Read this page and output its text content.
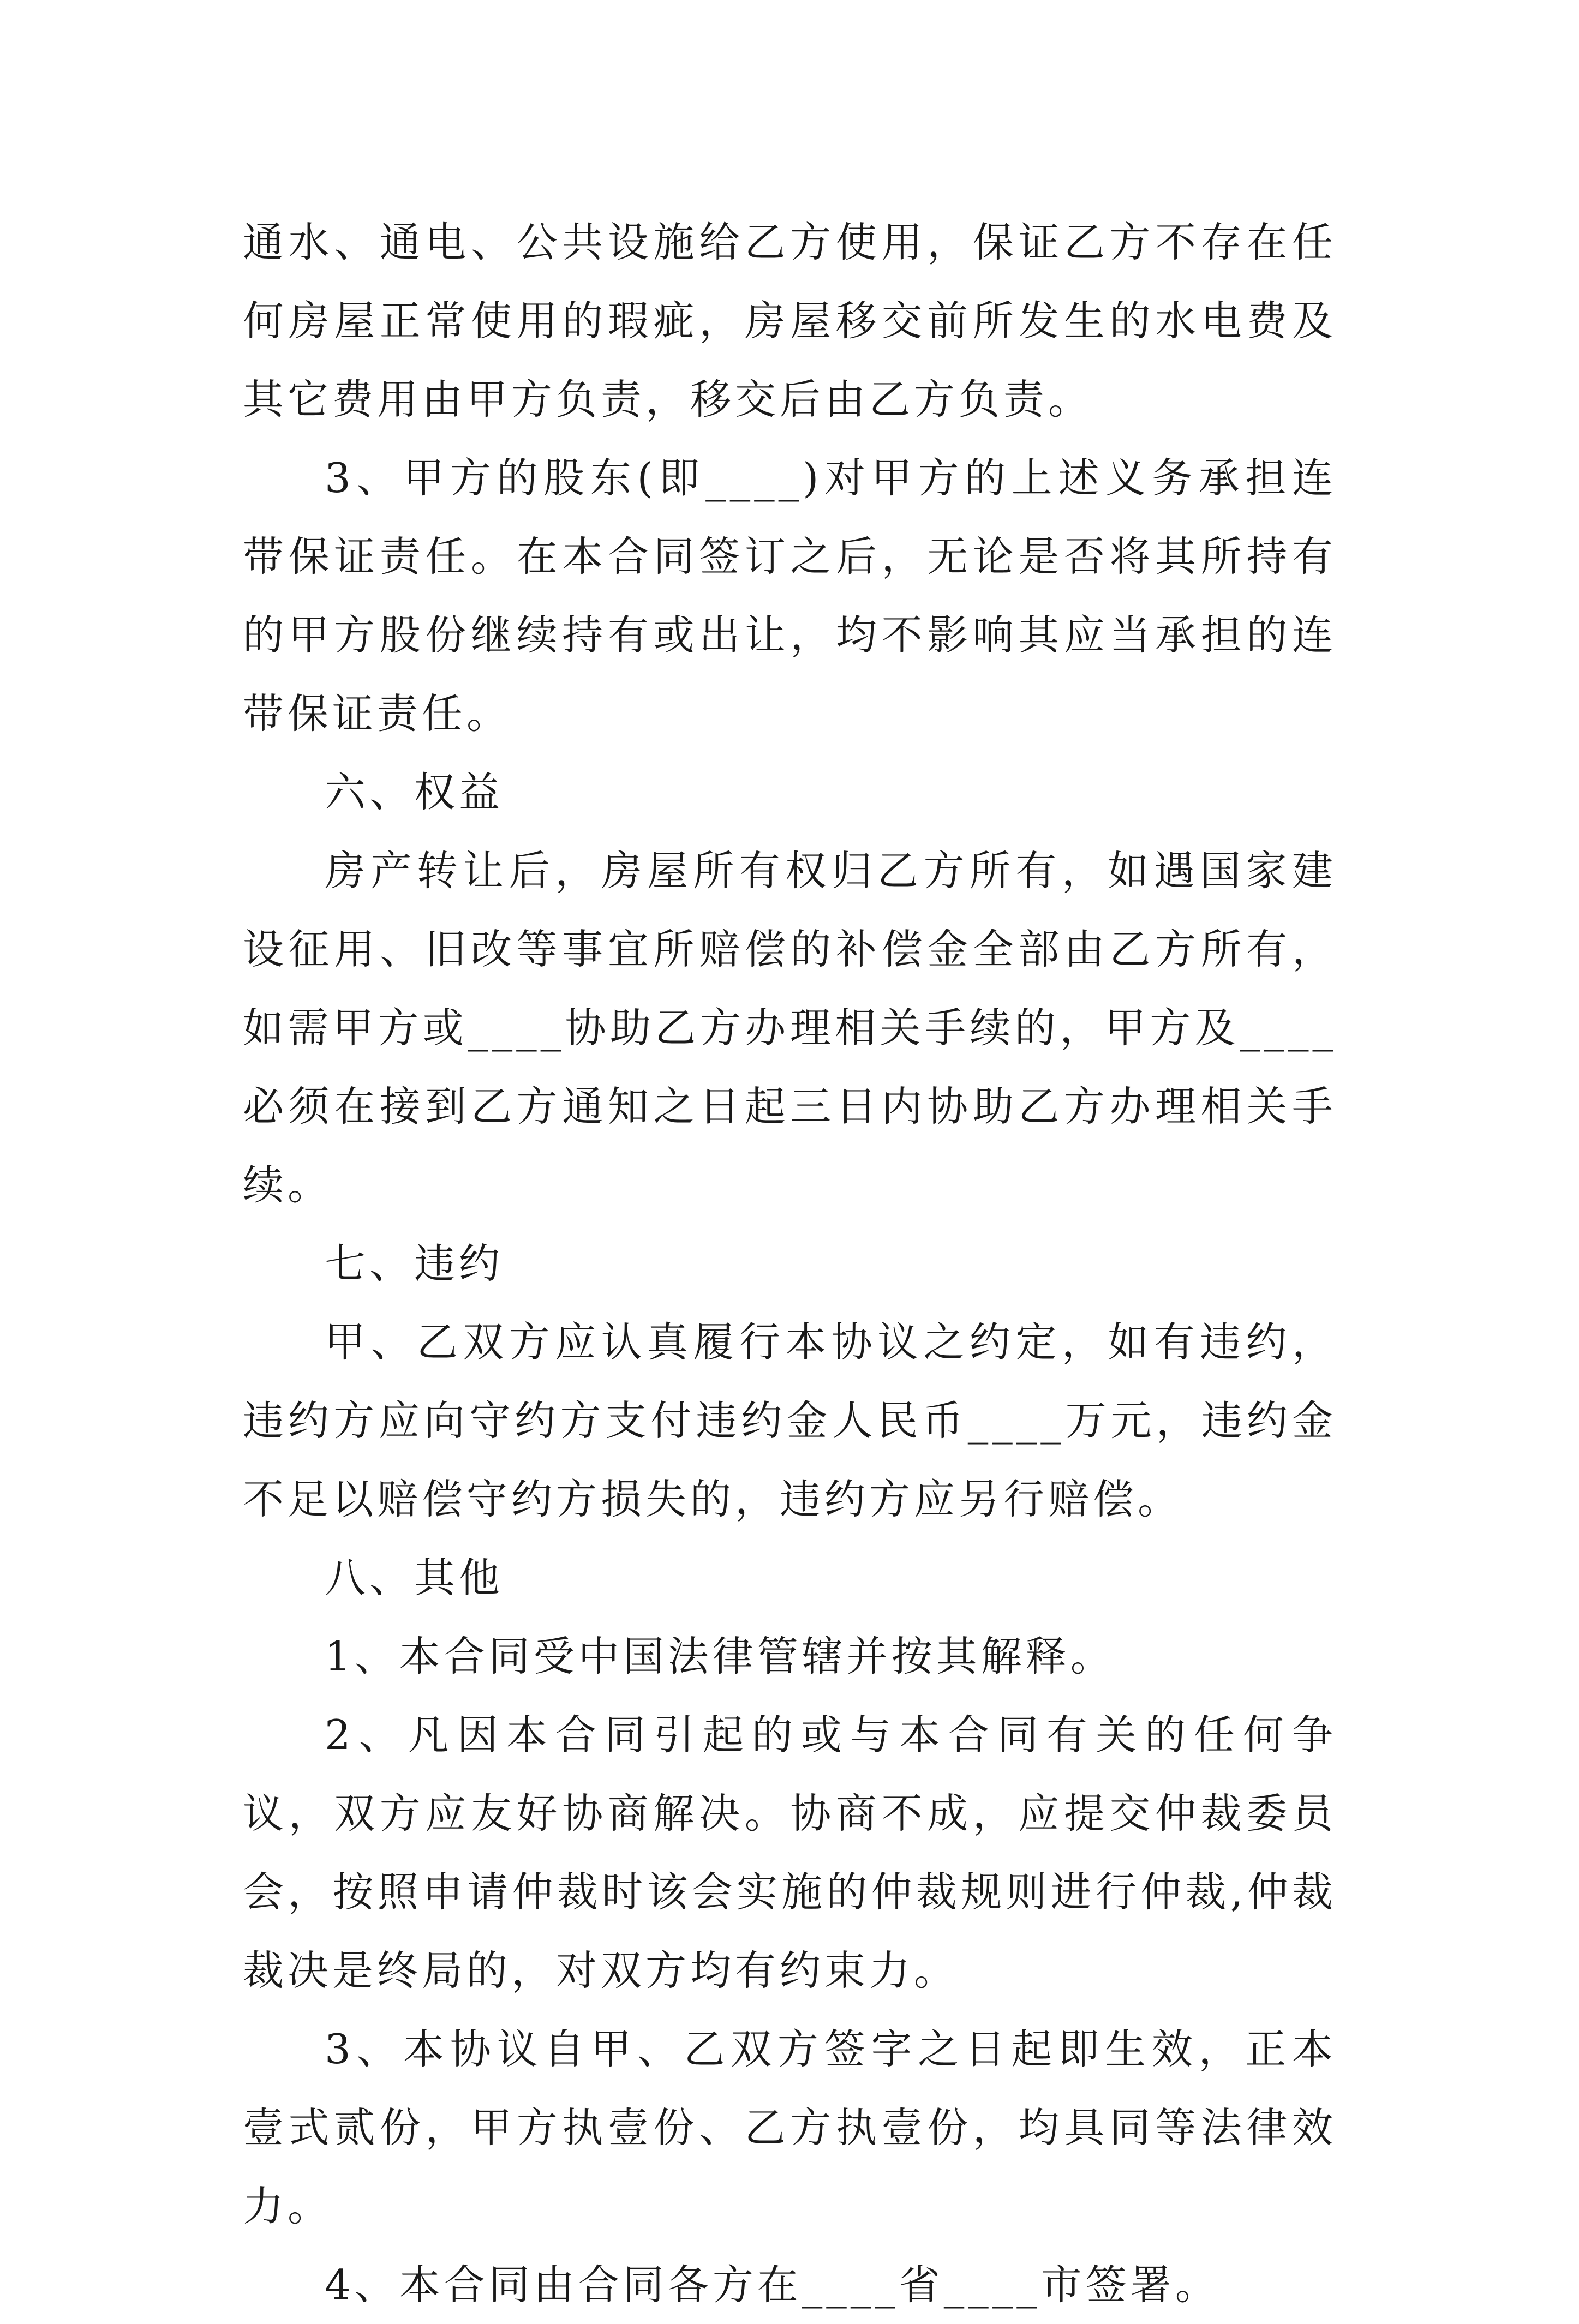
通水、通电、公共设施给乙方使用，保证乙方不存在任何房屋正常使用的瑕疵，房屋移交前所发生的水电费及其它费用由甲方负责，移交后由乙方负责。

3、甲方的股东(即____)对甲方的上述义务承担连带保证责任。在本合同签订之后，无论是否将其所持有的甲方股份继续持有或出让，均不影响其应当承担的连带保证责任。

六、权益

房产转让后，房屋所有权归乙方所有，如遇国家建设征用、旧改等事宜所赔偿的补偿金全部由乙方所有，如需甲方或____协助乙方办理相关手续的，甲方及____必须在接到乙方通知之日起三日内协助乙方办理相关手续。

七、违约

甲、乙双方应认真履行本协议之约定，如有违约，违约方应向守约方支付违约金人民币____万元，违约金不足以赔偿守约方损失的，违约方应另行赔偿。

八、其他

1、本合同受中国法律管辖并按其解释。

2、凡因本合同引起的或与本合同有关的任何争议，双方应友好协商解决。协商不成，应提交仲裁委员会，按照申请仲裁时该会实施的仲裁规则进行仲裁,仲裁裁决是终局的，对双方均有约束力。

3、本协议自甲、乙双方签字之日起即生效，正本壹式贰份，甲方执壹份、乙方执壹份，均具同等法律效力。

4、本合同由合同各方在____省____市签署。
